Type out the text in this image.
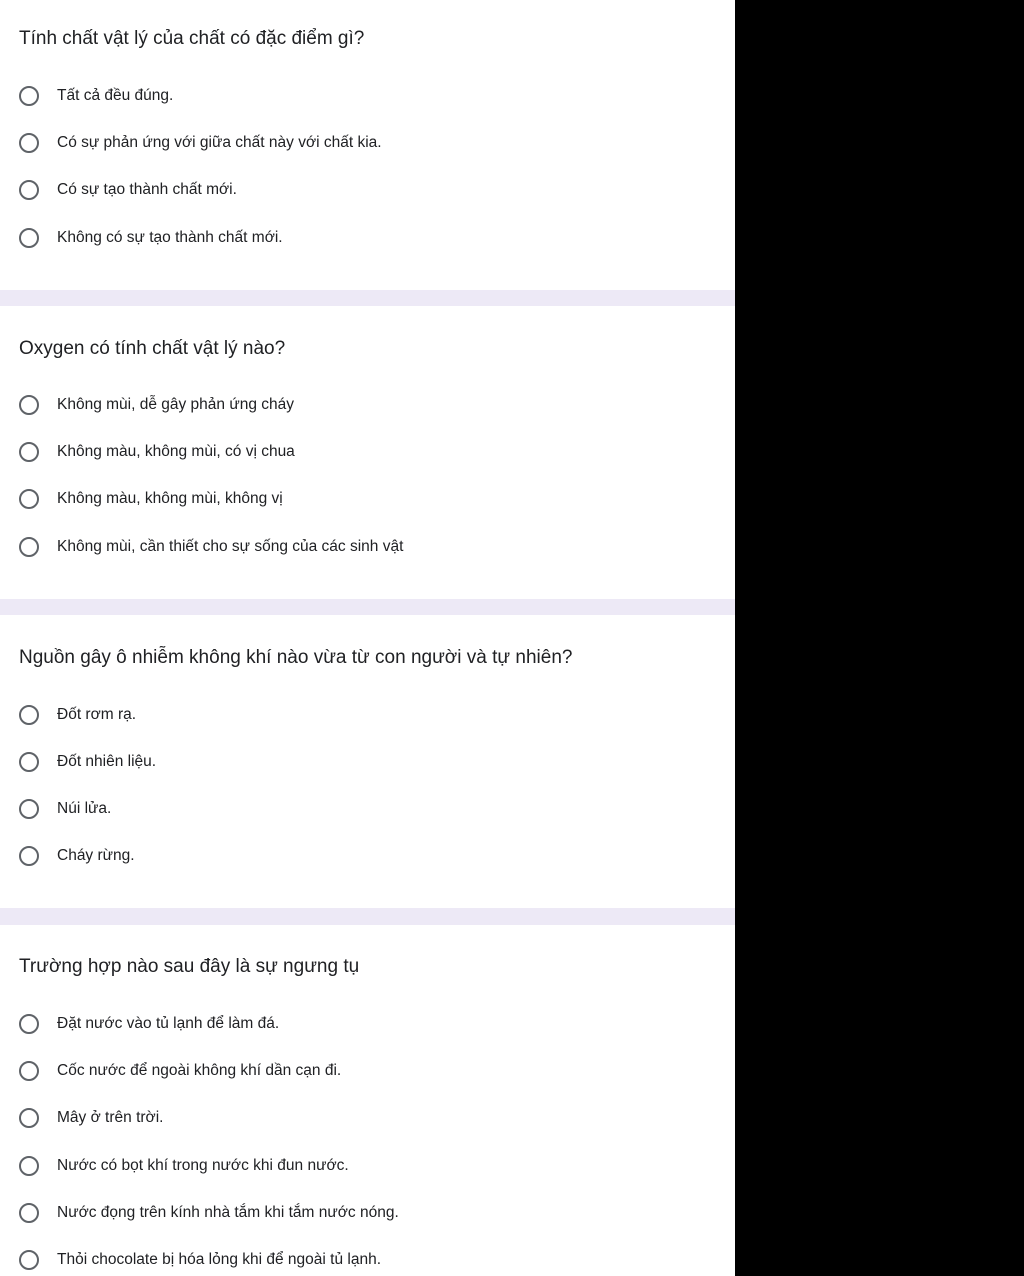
Tính chất vật lý của chất có đặc điểm gì?
Tất cả đều đúng.
Có sự phản ứng với giữa chất này với chất kia.
Có sự tạo thành chất mới.
Không có sự tạo thành chất mới.
Oxygen có tính chất vật lý nào?
Không mùi, dễ gây phản ứng cháy
Không màu, không mùi, có vị chua
Không màu, không mùi, không vị
Không mùi, cần thiết cho sự sống của các sinh vật
Nguồn gây ô nhiễm không khí nào vừa từ con người và tự nhiên?
Đốt rơm rạ.
Đốt nhiên liệu.
Núi lửa.
Cháy rừng.
Trường hợp nào sau đây là sự ngưng tụ
Đặt nước vào tủ lạnh để làm đá.
Cốc nước để ngoài không khí dần cạn đi.
Mây ở trên trời.
Nước có bọt khí trong nước khi đun nước.
Nước đọng trên kính nhà tắm khi tắm nước nóng.
Thỏi chocolate bị hóa lỏng khi để ngoài tủ lạnh.
